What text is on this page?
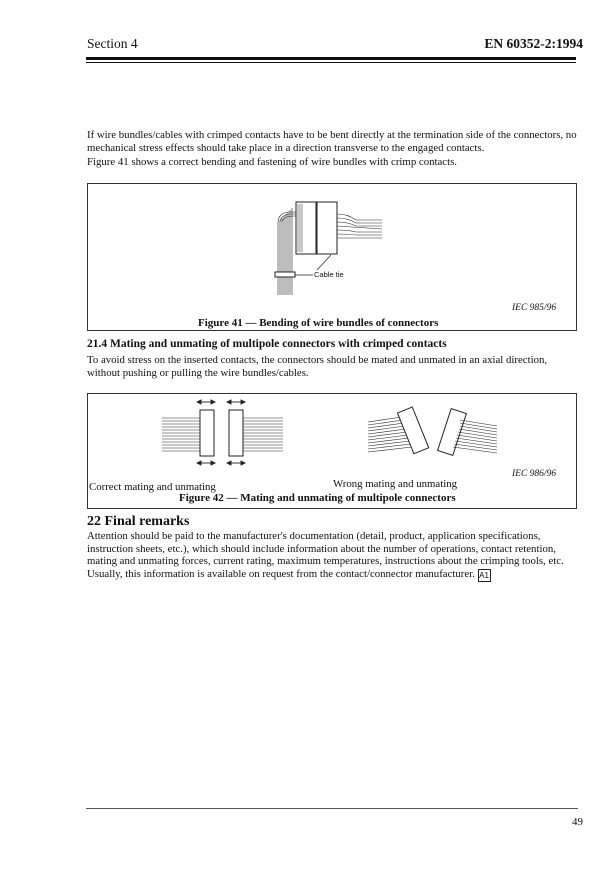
Section 4	EN 60352-2:1994

If wire bundles/cables with crimped contacts have to be bent directly at the termination side of the connectors, no mechanical stress effects should take place in a direction transverse to the engaged contacts.

Figure 41 shows a correct bending and fastening of wire bundles with crimp contacts.

Cable tie
IEC 985/96
Figure 41 — Bending of wire bundles of connectors
21.4 Mating and unmating of multipole connectors with crimped contacts

To avoid stress on the inserted contacts, the connectors should be mated and unmated in an axial direction, without pushing or pulling the wire bundles/cables.

IEC 986/96
Correct mating and unmating	Wrong mating and unmating
Figure 42 — Mating and unmating of multipole connectors
22 Final remarks

Attention should be paid to the manufacturer's documentation (detail, product, application specifications, instruction sheets, etc.), which should include information about the number of operations, contact retention, mating and unmating forces, current rating, maximum temperatures, instructions about the crimping tools, etc. Usually, this information is available on request from the contact/connector manufacturer. A1

49
